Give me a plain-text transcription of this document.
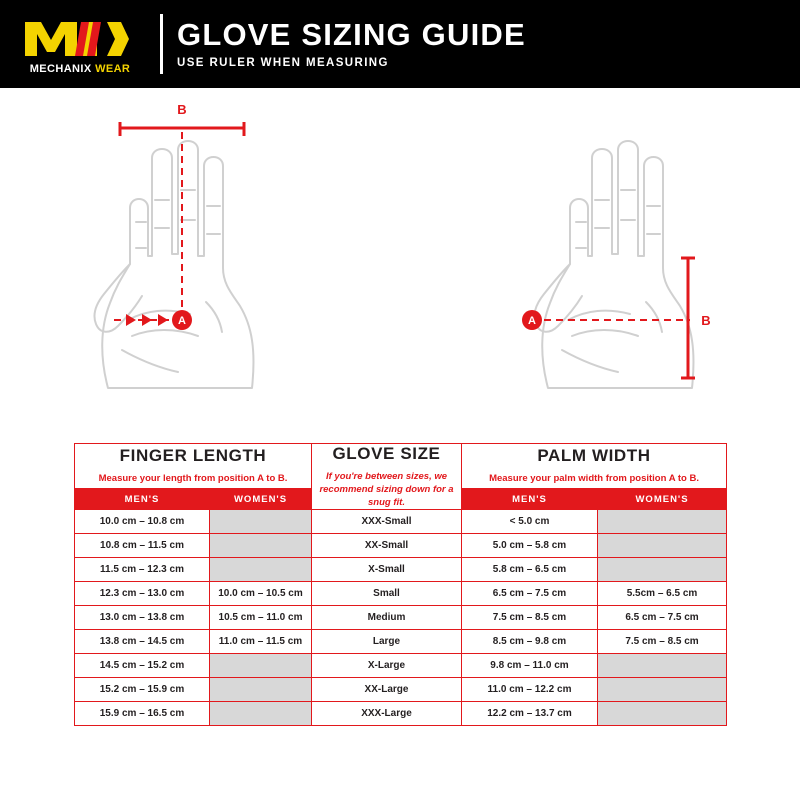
MECHANIX WEAR
GLOVE SIZING GUIDE
USE RULER WHEN MEASURING
A
B
A	B
FINGER LENGTH
Measure your length from position A to B.

GLOVE SIZE
If you're between sizes, we recommend sizing down for a snug fit.

PALM WIDTH
Measure your palm width from position A to B.

MEN'S	WOMEN'S		MEN'S	WOMEN'S
10.0 cm – 10.8 cm		XXX-Small	< 5.0 cm	
10.8 cm – 11.5 cm		XX-Small	5.0 cm – 5.8 cm	
11.5 cm – 12.3 cm		X-Small	5.8 cm – 6.5 cm	
12.3 cm – 13.0 cm	10.0 cm – 10.5 cm	Small	6.5 cm – 7.5 cm	5.5cm – 6.5 cm
13.0 cm – 13.8 cm	10.5 cm – 11.0 cm	Medium	7.5 cm – 8.5 cm	6.5 cm – 7.5 cm
13.8 cm – 14.5 cm	11.0 cm – 11.5 cm	Large	8.5 cm – 9.8 cm	7.5 cm – 8.5 cm
14.5 cm – 15.2 cm		X-Large	9.8 cm – 11.0 cm	
15.2 cm – 15.9 cm		XX-Large	11.0 cm – 12.2 cm	
15.9 cm – 16.5 cm		XXX-Large	12.2 cm – 13.7 cm	
